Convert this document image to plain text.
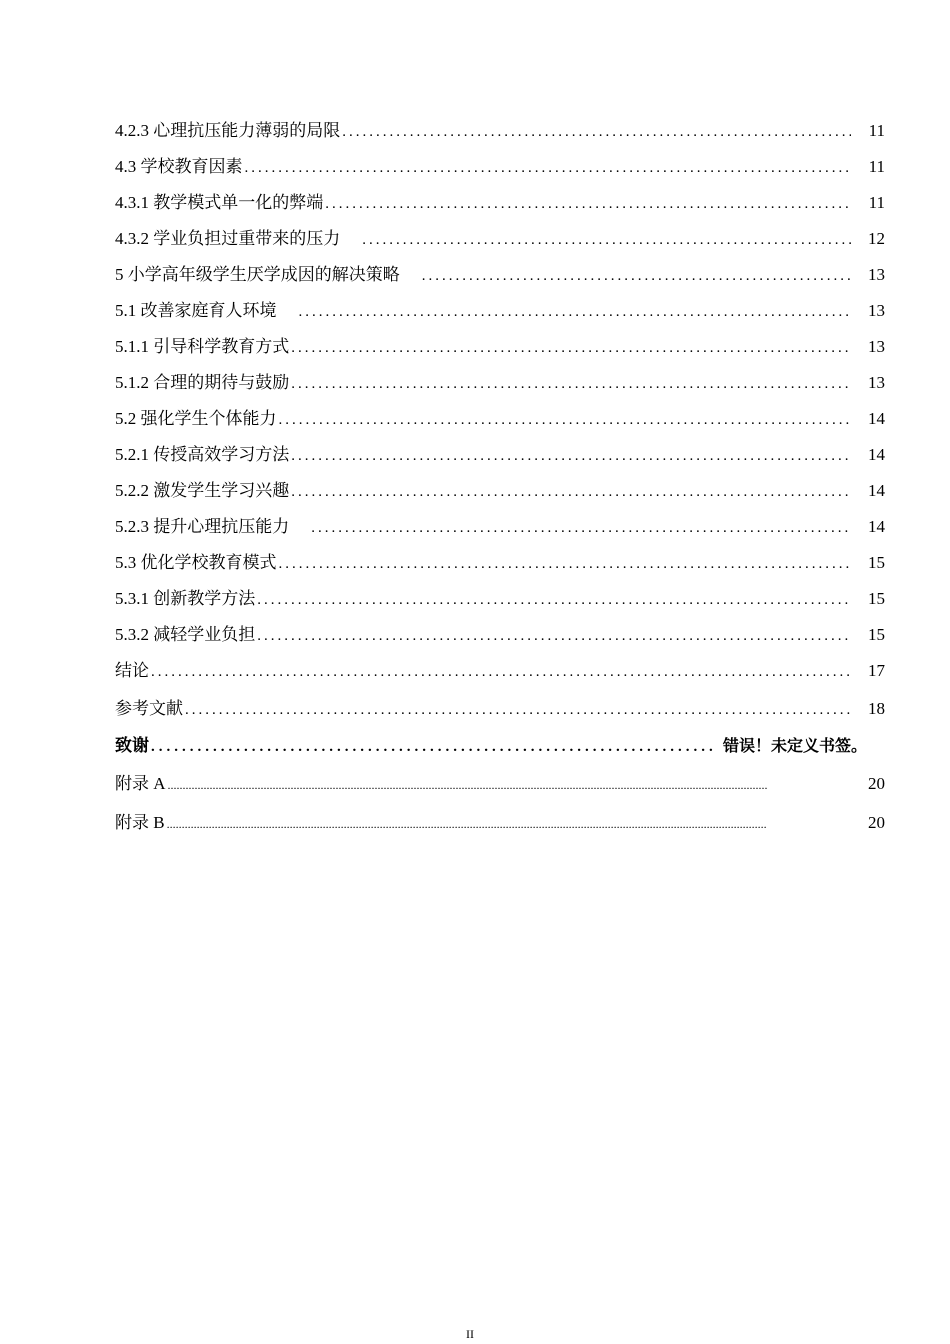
4.2.3 心理抗压能力薄弱的局限 .....	11
4.3 学校教育因素 .....	11
4.3.1 教学模式单一化的弊端 .....	11
4.3.2 学业负担过重带来的压力 .....	12
5 小学高年级学生厌学成因的解决策略 .....	13
5.1 改善家庭育人环境 .....	13
5.1.1 引导科学教育方式 .....	13
5.1.2 合理的期待与鼓励 .....	13
5.2 强化学生个体能力 .....	14
5.2.1 传授高效学习方法 .....	14
5.2.2 激发学生学习兴趣 .....	14
5.2.3 提升心理抗压能力 .....	14
5.3 优化学校教育模式 .....	15
5.3.1 创新教学方法 .....	15
5.3.2 减轻学业负担 .....	15
结论 .....	17
参考文献 .....	18
致谢 .....	错误！未定义书签。
附录 A .....	20
附录 B .....	20
II
